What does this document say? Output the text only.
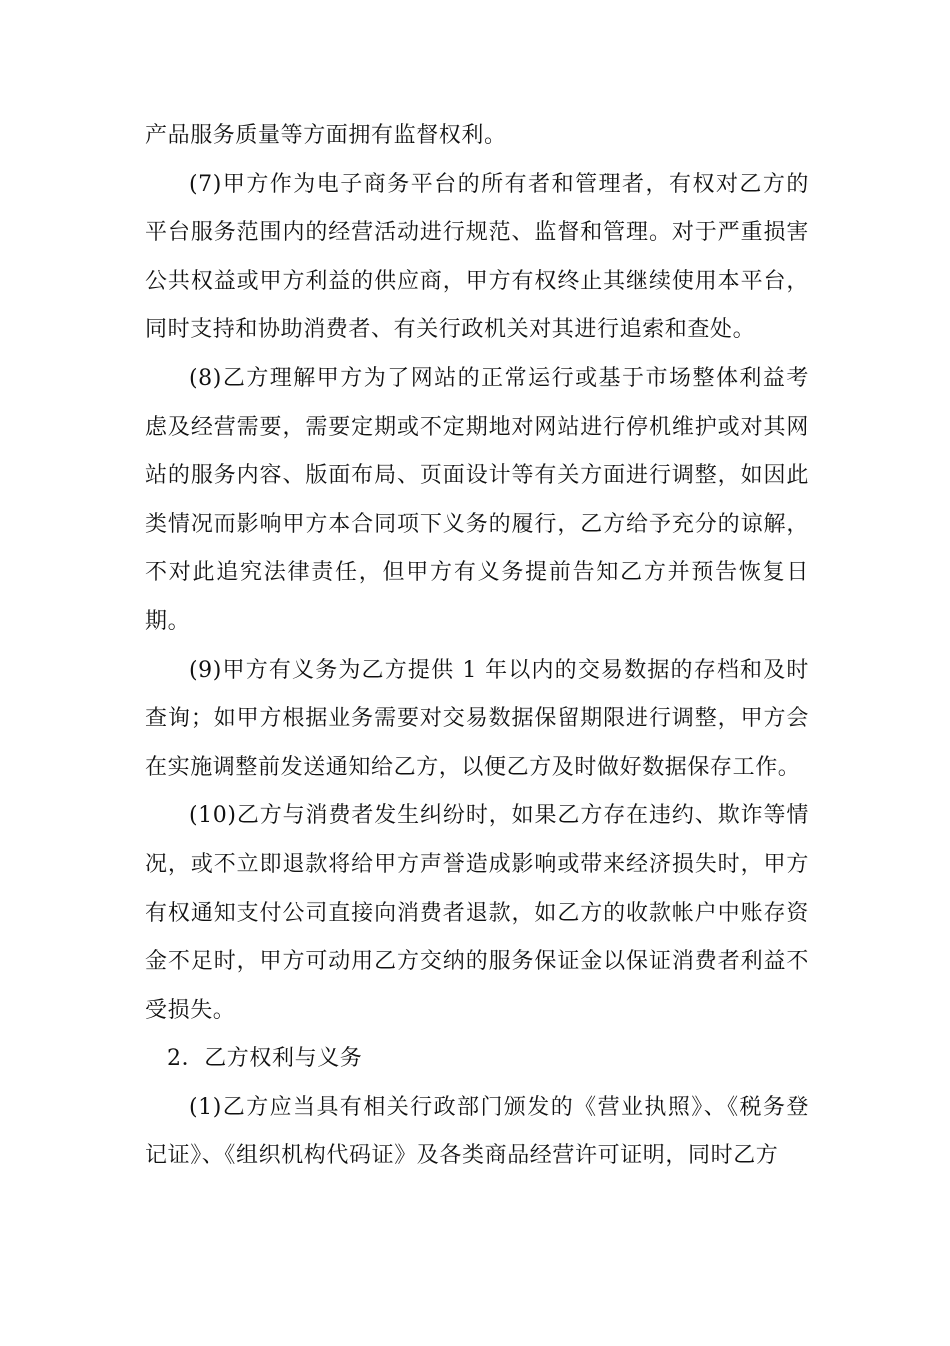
产品服务质量等方面拥有监督权利。

(7)甲方作为电子商务平台的所有者和管理者，有权对乙方的平台服务范围内的经营活动进行规范、监督和管理。对于严重损害公共权益或甲方利益的供应商，甲方有权终止其继续使用本平台，同时支持和协助消费者、有关行政机关对其进行追索和查处。

(8)乙方理解甲方为了网站的正常运行或基于市场整体利益考虑及经营需要，需要定期或不定期地对网站进行停机维护或对其网站的服务内容、版面布局、页面设计等有关方面进行调整，如因此类情况而影响甲方本合同项下义务的履行，乙方给予充分的谅解，不对此追究法律责任，但甲方有义务提前告知乙方并预告恢复日期。

(9)甲方有义务为乙方提供 1 年以内的交易数据的存档和及时查询；如甲方根据业务需要对交易数据保留期限进行调整，甲方会在实施调整前发送通知给乙方，以便乙方及时做好数据保存工作。

(10)乙方与消费者发生纠纷时，如果乙方存在违约、欺诈等情况，或不立即退款将给甲方声誉造成影响或带来经济损失时，甲方有权通知支付公司直接向消费者退款，如乙方的收款帐户中账存资金不足时，甲方可动用乙方交纳的服务保证金以保证消费者利益不受损失。

2．乙方权利与义务

(1)乙方应当具有相关行政部门颁发的《营业执照》、《税务登记证》、《组织机构代码证》及各类商品经营许可证明，同时乙方
